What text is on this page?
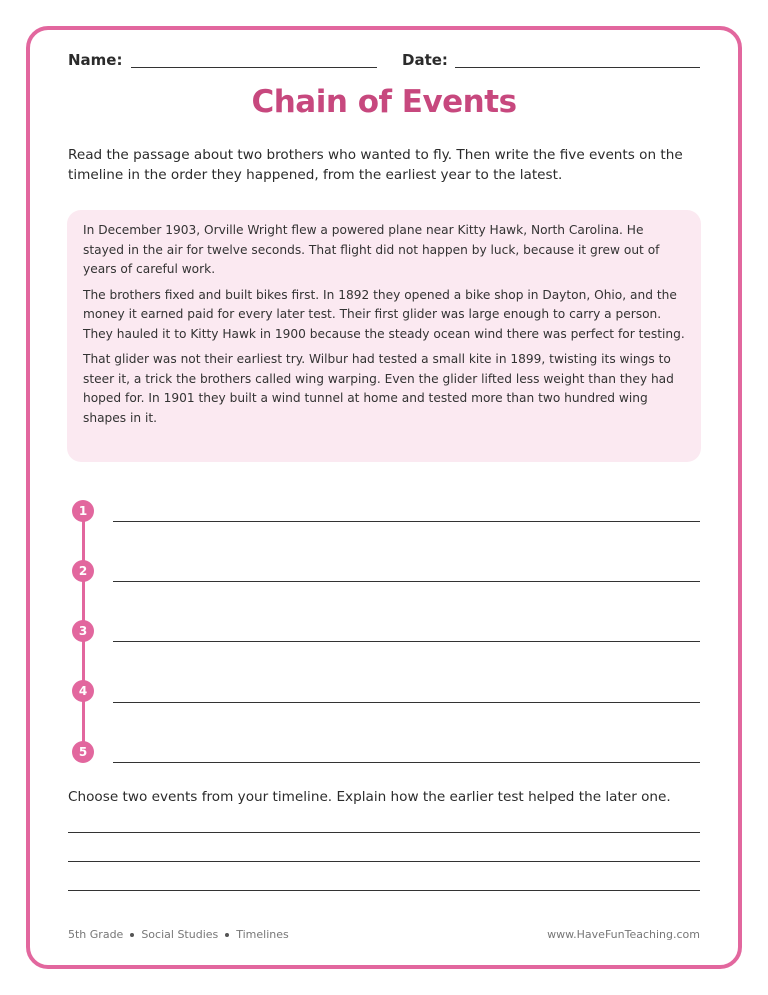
Name:	Date:
Chain of Events
Read the passage about two brothers who wanted to fly. Then write the five events on the timeline in the order they happened, from the earliest year to the latest.

In December 1903, Orville Wright flew a powered plane near Kitty Hawk, North Carolina. He stayed in the air for twelve seconds. That flight did not happen by luck, because it grew out of years of careful work.

The brothers fixed and built bikes first. In 1892 they opened a bike shop in Dayton, Ohio, and the money it earned paid for every later test. Their first glider was large enough to carry a person. They hauled it to Kitty Hawk in 1900 because the steady ocean wind there was perfect for testing.

That glider was not their earliest try. Wilbur had tested a small kite in 1899, twisting its wings to steer it, a trick the brothers called wing warping. Even the glider lifted less weight than they had hoped for. In 1901 they built a wind tunnel at home and tested more than two hundred wing shapes in it.

1
2
3
4
5
Choose two events from your timeline. Explain how the earlier test helped the later one.
5th Grade Social Studies Timelines	www.HaveFunTeaching.com
